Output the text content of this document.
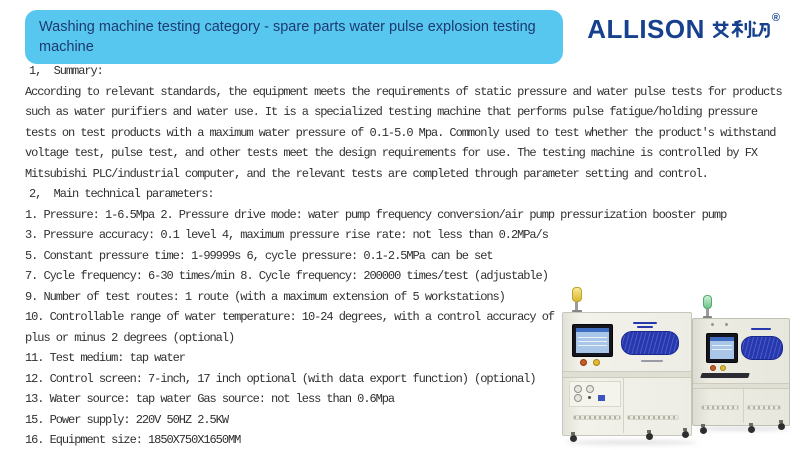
Washing machine testing category - spare parts water pulse explosion testing
machine
ALLISON	®
1,  Summary:
According to relevant standards, the equipment meets the requirements of static pressure and water pulse tests for products
such as water purifiers and water use. It is a specialized testing machine that performs pulse fatigue/holding pressure
tests on test products with a maximum water pressure of 0.1-5.0 Mpa. Commonly used to test whether the product's withstand
voltage test, pulse test, and other tests meet the design requirements for use. The testing machine is controlled by FX
Mitsubishi PLC/industrial computer, and the relevant tests are completed through parameter setting and control.
2,  Main technical parameters:
1. Pressure: 1-6.5Mpa 2. Pressure drive mode: water pump frequency conversion/air pump pressurization booster pump
3. Pressure accuracy: 0.1 level 4, maximum pressure rise rate: not less than 0.2MPa/s
5. Constant pressure time: 1-99999s 6, cycle pressure: 0.1-2.5MPa can be set
7. Cycle frequency: 6-30 times/min 8. Cycle frequency: 200000 times/test (adjustable)
9. Number of test routes: 1 route (with a maximum extension of 5 workstations)
10. Controllable range of water temperature: 10-24 degrees, with a control accuracy of
plus or minus 2 degrees (optional)
11. Test medium: tap water
12. Control screen: 7-inch, 17 inch optional (with data export function) (optional)
13. Water source: tap water Gas source: not less than 0.6Mpa
15. Power supply: 220V 50HZ 2.5KW
16. Equipment size: 1850X750X1650MM
